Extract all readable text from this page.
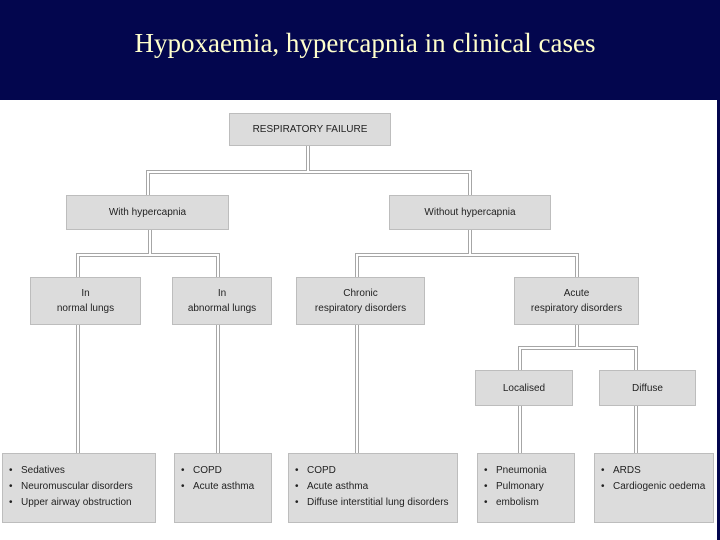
Hypoxaemia, hypercapnia in clinical cases
RESPIRATORY FAILURE
With hypercapnia	Without hypercapnia
In
normal lungs
In
abnormal lungs
Chronic
respiratory disorders
Acute
respiratory disorders
Localised	Diffuse
• Sedatives
• Neuromuscular disorders
• Upper airway obstruction
• COPD
• Acute asthma
• COPD
• Acute asthma
• Diffuse interstitial lung disorders
• Pneumonia
• Pulmonary
• embolism
• ARDS
• Cardiogenic oedema
